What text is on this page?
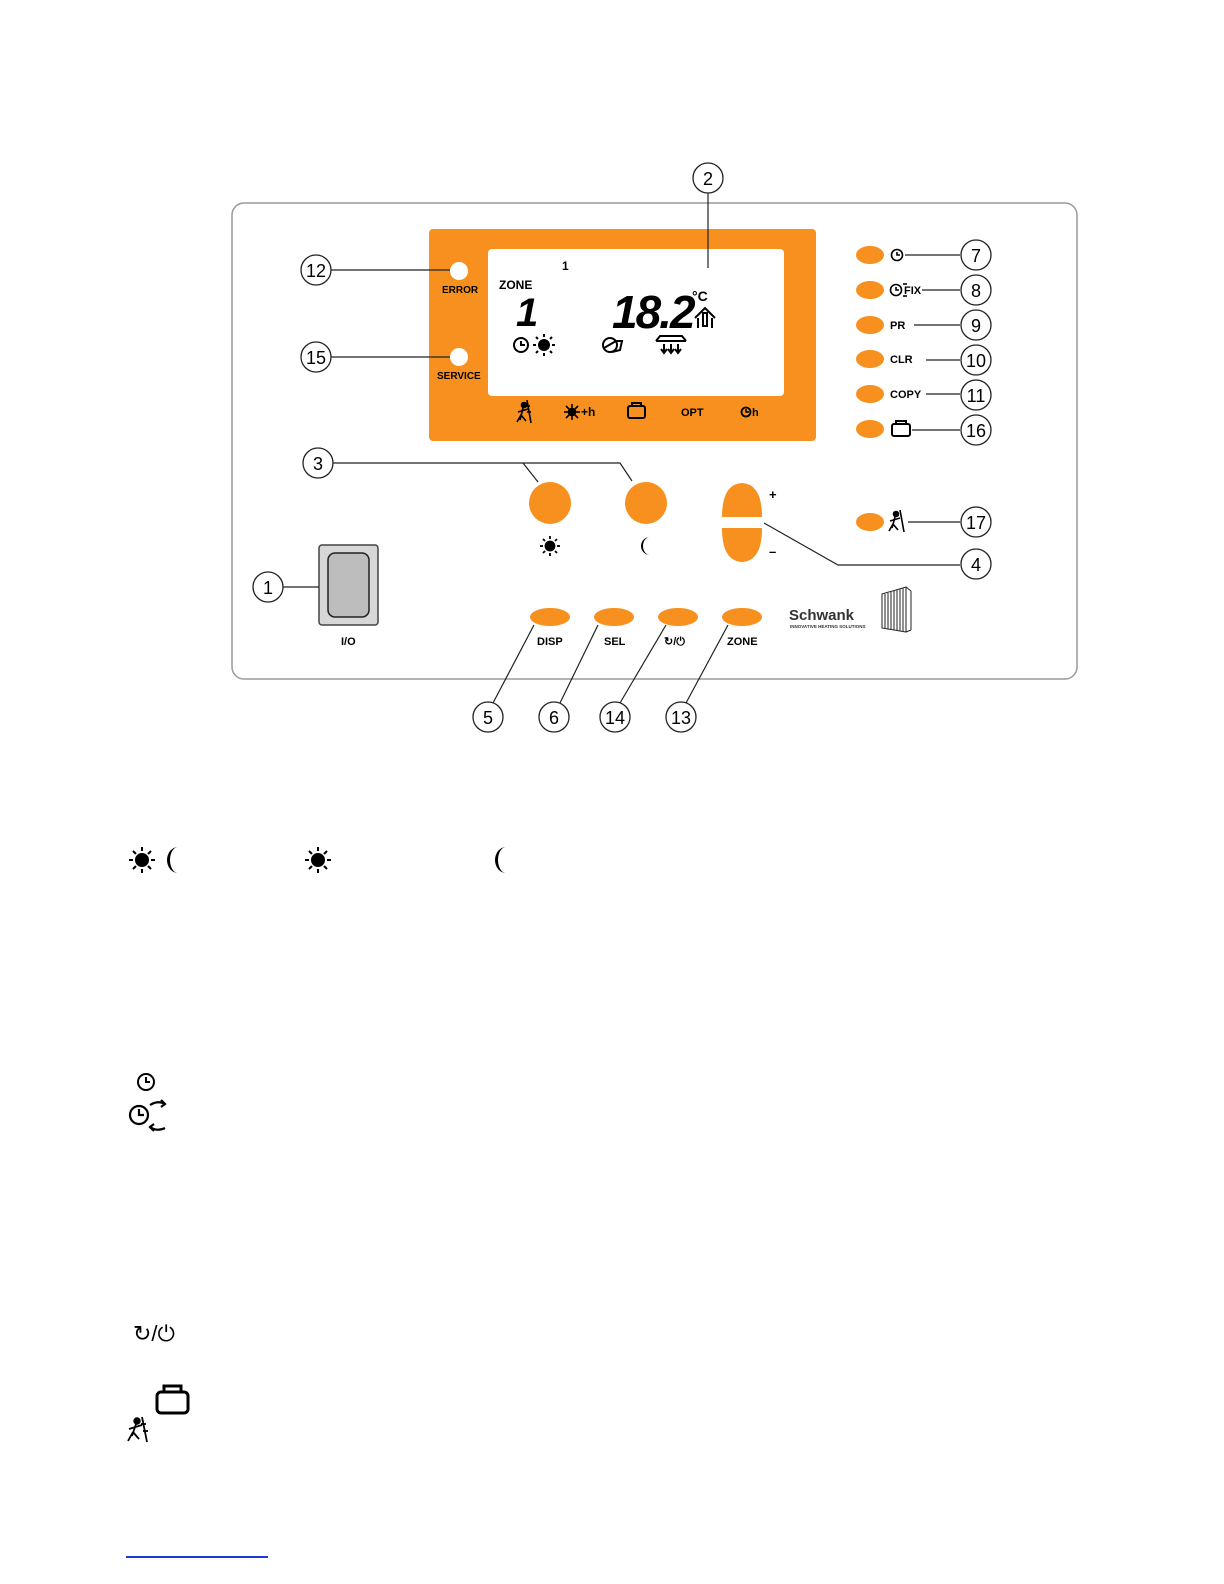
1
ZONE
1 18.2
°C
+h	OPT	h
ERROR
SERVICE
FIX
PR
CLR
COPY
+
–
I/O	DISP	SEL	↻/⏻	ZONE
Schwank
INNOVATIVE HEATING SOLUTIONS
1
2
3
4
5	6
7
8
9
10
11
12
13
14
15
16
17
↻/⏻
